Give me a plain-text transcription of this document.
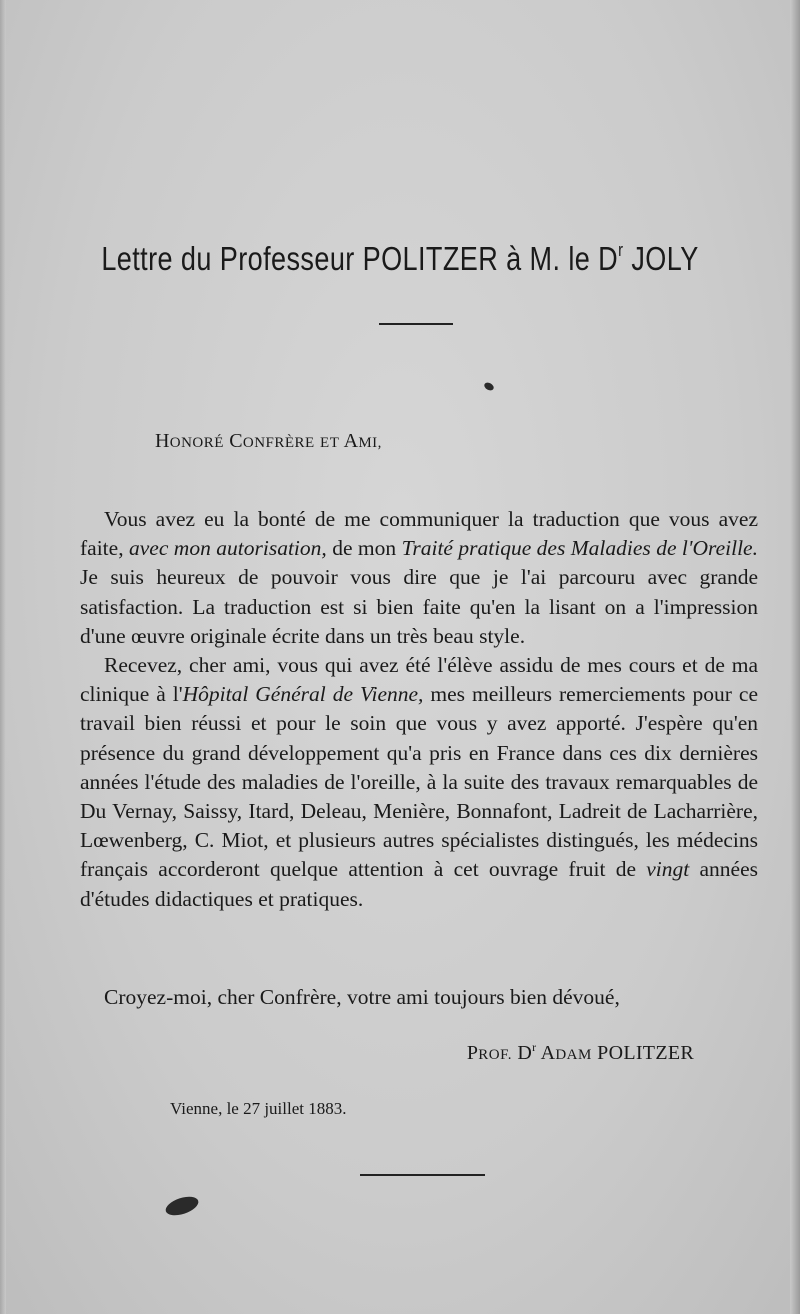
Lettre du Professeur POLITZER à M. le $D^r$ JOLY
HONORÉ CONFRÈRE ET AMI,

Vous avez eu la bonté de me communiquer la traduction que vous avez faite, avec mon autorisation, de mon Traité pratique des Maladies de l'Oreille. Je suis heureux de pouvoir vous dire que je l'ai parcouru avec grande satisfaction. La traduction est si bien faite qu'en la lisant on a l'impression d'une œuvre originale écrite dans un très beau style.

Recevez, cher ami, vous qui avez été l'élève assidu de mes cours et de ma clinique à l'Hôpital Général de Vienne, mes meilleurs remerciements pour ce travail bien réussi et pour le soin que vous y avez apporté. J'espère qu'en présence du grand développement qu'a pris en France dans ces dix dernières années l'étude des maladies de l'oreille, à la suite des travaux remarquables de Du Vernay, Saissy, Itard, Deleau, Menière, Bonnafont, Ladreit de Lacharrière, Lœwenberg, C. Miot, et plusieurs autres spécialistes distingués, les médecins français accorderont quelque attention à cet ouvrage fruit de vingt années d'études didactiques et pratiques.

Croyez-moi, cher Confrère, votre ami toujours bien dévoué,
PROF. $D^r$ ADAM POLITZER
Vienne, le 27 juillet 1883.
